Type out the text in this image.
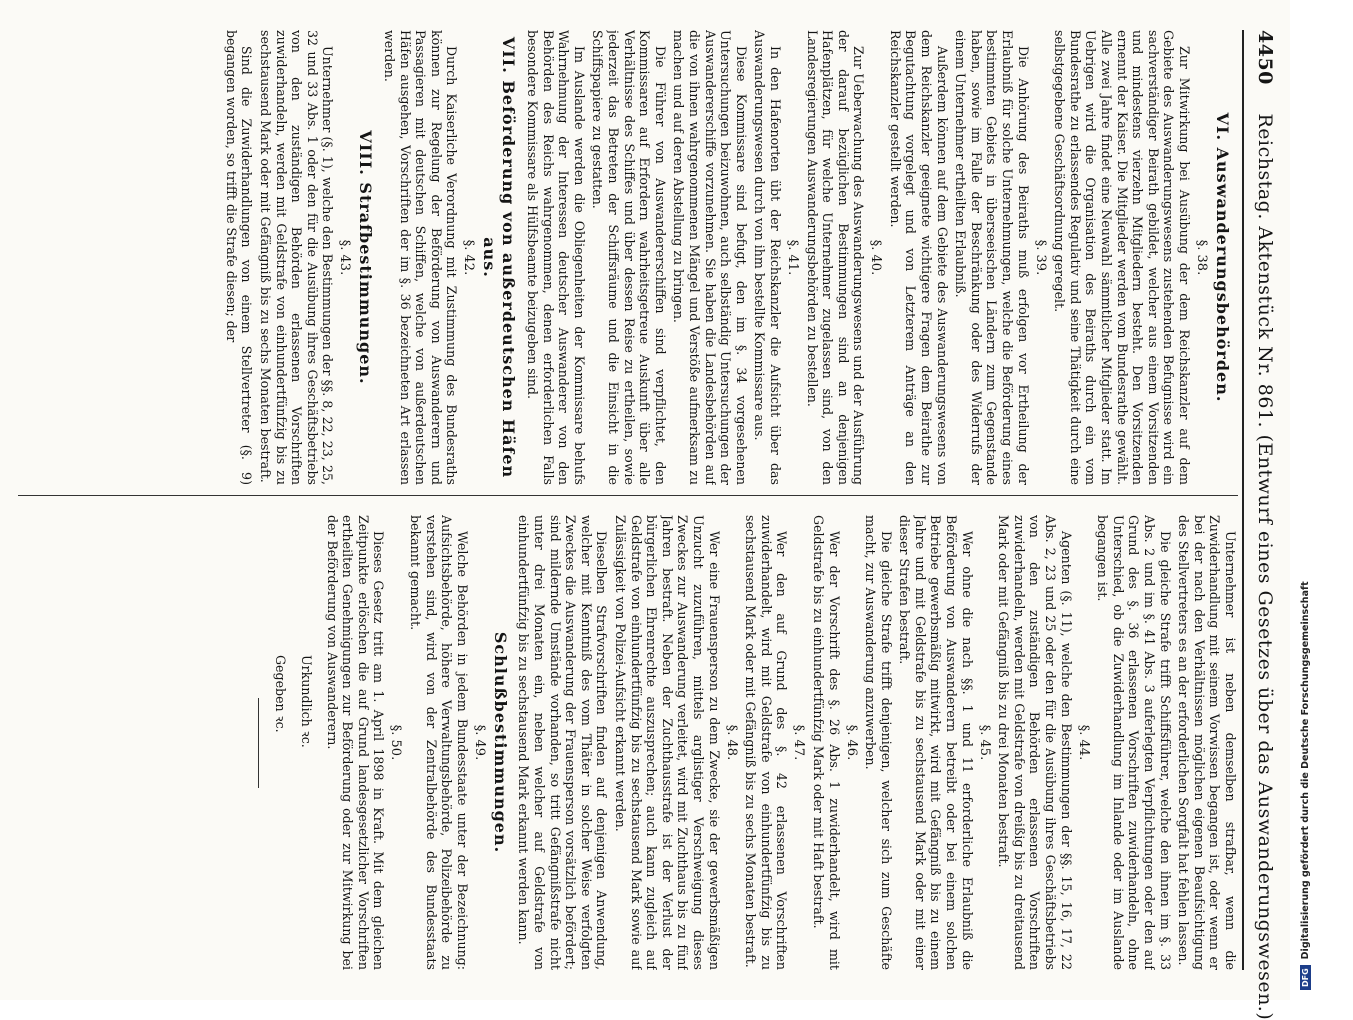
4450 Reichstag. Aktenstück Nr. 861. (Entwurf eines Gesetzes über das Auswanderungswesen.)
VI. Auswanderungsbehörden.
§. 38.

Zur Mitwirkung bei Ausübung der dem Reichskanzler auf dem Gebiete des Auswanderungswesens zustehenden Befugnisse wird ein sachverständiger Beirath gebildet, welcher aus einem Vorsitzenden und mindestens vierzehn Mitgliedern besteht. Den Vorsitzenden ernennt der Kaiser. Die Mitglieder werden vom Bundesrathe gewählt. Alle zwei Jahre findet eine Neuwahl sämmtlicher Mitglieder statt. Im Uebrigen wird die Organisation des Beiraths durch ein vom Bundesrathe zu erlassendes Regulativ und seine Thätigkeit durch eine selbstgegebene Geschäftsordnung geregelt.

§. 39.

Die Anhörung des Beiraths muß erfolgen vor Ertheilung der Erlaubniß für solche Unternehmungen, welche die Beförderung eines bestimmten Gebiets in überseeischen Ländern zum Gegenstande haben, sowie im Falle der Beschränkung oder des Widerrufs der einem Unternehmer ertheilten Erlaubniß.

Außerdem können auf dem Gebiete des Auswanderungswesens von dem Reichskanzler geeignete wichtigere Fragen dem Beirathe zur Begutachtung vorgelegt und von Letzterem Anträge an den Reichskanzler gestellt werden.

§. 40.

Zur Ueberwachung des Auswanderungswesens und der Ausführung der darauf bezüglichen Bestimmungen sind an denjenigen Hafenplätzen, für welche Unternehmer zugelassen sind, von den Landesregierungen Auswanderungsbehörden zu bestellen.

§. 41.

In den Hafenorten übt der Reichskanzler die Aufsicht über das Auswanderungswesen durch von ihm bestellte Kommissare aus.

Diese Kommissare sind befugt, den im §. 34 vorgesehenen Untersuchungen beizuwohnen, auch selbständig Untersuchungen der Auswandererschiffe vorzunehmen. Sie haben die Landesbehörden auf die von ihnen wahrgenommenen Mängel und Verstöße aufmerksam zu machen und auf deren Abstellung zu bringen.

Die Führer von Auswandererschiffen sind verpflichtet, den Kommissaren auf Erfordern wahrheitsgetreue Auskunft über alle Verhältnisse des Schiffes und über dessen Reise zu ertheilen, sowie jederzeit das Betreten der Schiffsräume und die Einsicht in die Schiffspapiere zu gestatten.

Im Auslande werden die Obliegenheiten der Kommissare behufs Wahrnehmung der Interessen deutscher Auswanderer von den Behörden des Reichs wahrgenommen, denen erforderlichen Falls besondere Kommissare als Hülfsbeamte beizugeben sind.

VII. Beförderung von außerdeutschen Häfen aus.
§. 42.

Durch Kaiserliche Verordnung mit Zustimmung des Bundesraths können zur Regelung der Beförderung von Auswanderern und Passagieren mit deutschen Schiffen, welche von außerdeutschen Häfen ausgehen, Vorschriften der im §. 36 bezeichneten Art erlassen werden.

VIII. Strafbestimmungen.
§. 43.

Unternehmer (§. 1), welche den Bestimmungen der §§. 8, 22, 23, 25, 32 und 33 Abs. 1 oder den für die Ausübung ihres Geschäftsbetriebs von den zuständigen Behörden erlassenen Vorschriften zuwiderhandeln, werden mit Geldstrafe von einhundertfünfzig bis zu sechstausend Mark oder mit Gefängniß bis zu sechs Monaten bestraft.

Sind die Zuwiderhandlungen von einem Stellvertreter (§. 9) begangen worden, so trifft die Strafe diesen; der

Unternehmer ist neben demselben strafbar, wenn die Zuwiderhandlung mit seinem Vorwissen begangen ist, oder wenn er bei der nach den Verhältnissen möglichen eigenen Beaufsichtigung des Stellvertreters es an der erforderlichen Sorgfalt hat fehlen lassen.

Die gleiche Strafe trifft Schiffsführer, welche den ihnen im §. 33 Abs. 2 und im §. 41 Abs. 3 auferlegten Verpflichtungen oder den auf Grund des §. 36 erlassenen Vorschriften zuwiderhandeln, ohne Unterschied, ob die Zuwiderhandlung im Inlande oder im Auslande begangen ist.

§. 44.

Agenten (§. 11), welche den Bestimmungen der §§. 15, 16, 17, 22 Abs. 2, 23 und 25 oder den für die Ausübung ihres Geschäftsbetriebs von den zuständigen Behörden erlassenen Vorschriften zuwiderhandeln, werden mit Geldstrafe von dreißig bis zu dreitausend Mark oder mit Gefängniß bis zu drei Monaten bestraft.

§. 45.

Wer ohne die nach §§. 1 und 11 erforderliche Erlaubniß die Beförderung von Auswanderern betreibt oder bei einem solchen Betriebe gewerbsmäßig mitwirkt, wird mit Gefängniß bis zu einem Jahre und mit Geldstrafe bis zu sechstausend Mark oder mit einer dieser Strafen bestraft.

Die gleiche Strafe trifft denjenigen, welcher sich zum Geschäfte macht, zur Auswanderung anzuwerben.

§. 46.

Wer der Vorschrift des §. 26 Abs. 1 zuwiderhandelt, wird mit Geldstrafe bis zu einhundertfünfzig Mark oder mit Haft bestraft.

§. 47.

Wer den auf Grund des §. 42 erlassenen Vorschriften zuwiderhandelt, wird mit Geldstrafe von einhundertfünfzig bis zu sechstausend Mark oder mit Gefängniß bis zu sechs Monaten bestraft.

§. 48.

Wer eine Frauensperson zu dem Zwecke, sie der gewerbsmäßigen Unzucht zuzuführen, mittels arglistiger Verschweigung dieses Zweckes zur Auswanderung verleitet, wird mit Zuchthaus bis zu fünf Jahren bestraft. Neben der Zuchthausstrafe ist der Verlust der bürgerlichen Ehrenrechte auszusprechen; auch kann zugleich auf Geldstrafe von einhundertfünfzig bis zu sechstausend Mark sowie auf Zulässigkeit von Polizei-Aufsicht erkannt werden.

Dieselben Strafvorschriften finden auf denjenigen Anwendung, welcher mit Kenntniß des vom Thäter in solcher Weise verfolgten Zweckes die Auswanderung der Frauensperson vorsätzlich befördert; sind mildernde Umstände vorhanden, so tritt Gefängnißstrafe nicht unter drei Monaten ein, neben welcher auf Geldstrafe von einhundertfünfzig bis zu sechstausend Mark erkannt werden kann.

Schlußbestimmungen.
§. 49.

Welche Behörden in jedem Bundesstaate unter der Bezeichnung: Aufsichtsbehörde, höhere Verwaltungsbehörde, Polizeibehörde zu verstehen sind, wird von der Zentralbehörde des Bundesstaats bekannt gemacht.

§. 50.

Dieses Gesetz tritt am 1. April 1898 in Kraft. Mit dem gleichen Zeitpunkte erlöschen die auf Grund landesgesetzlicher Vorschriften ertheilten Genehmigungen zur Beförderung oder zur Mitwirkung bei der Beförderung von Auswanderern.

Urkundlich ꝛc.

Gegeben ꝛc.

DFGDigitalisierung gefördert durch die Deutsche Forschungsgemeinschaft
